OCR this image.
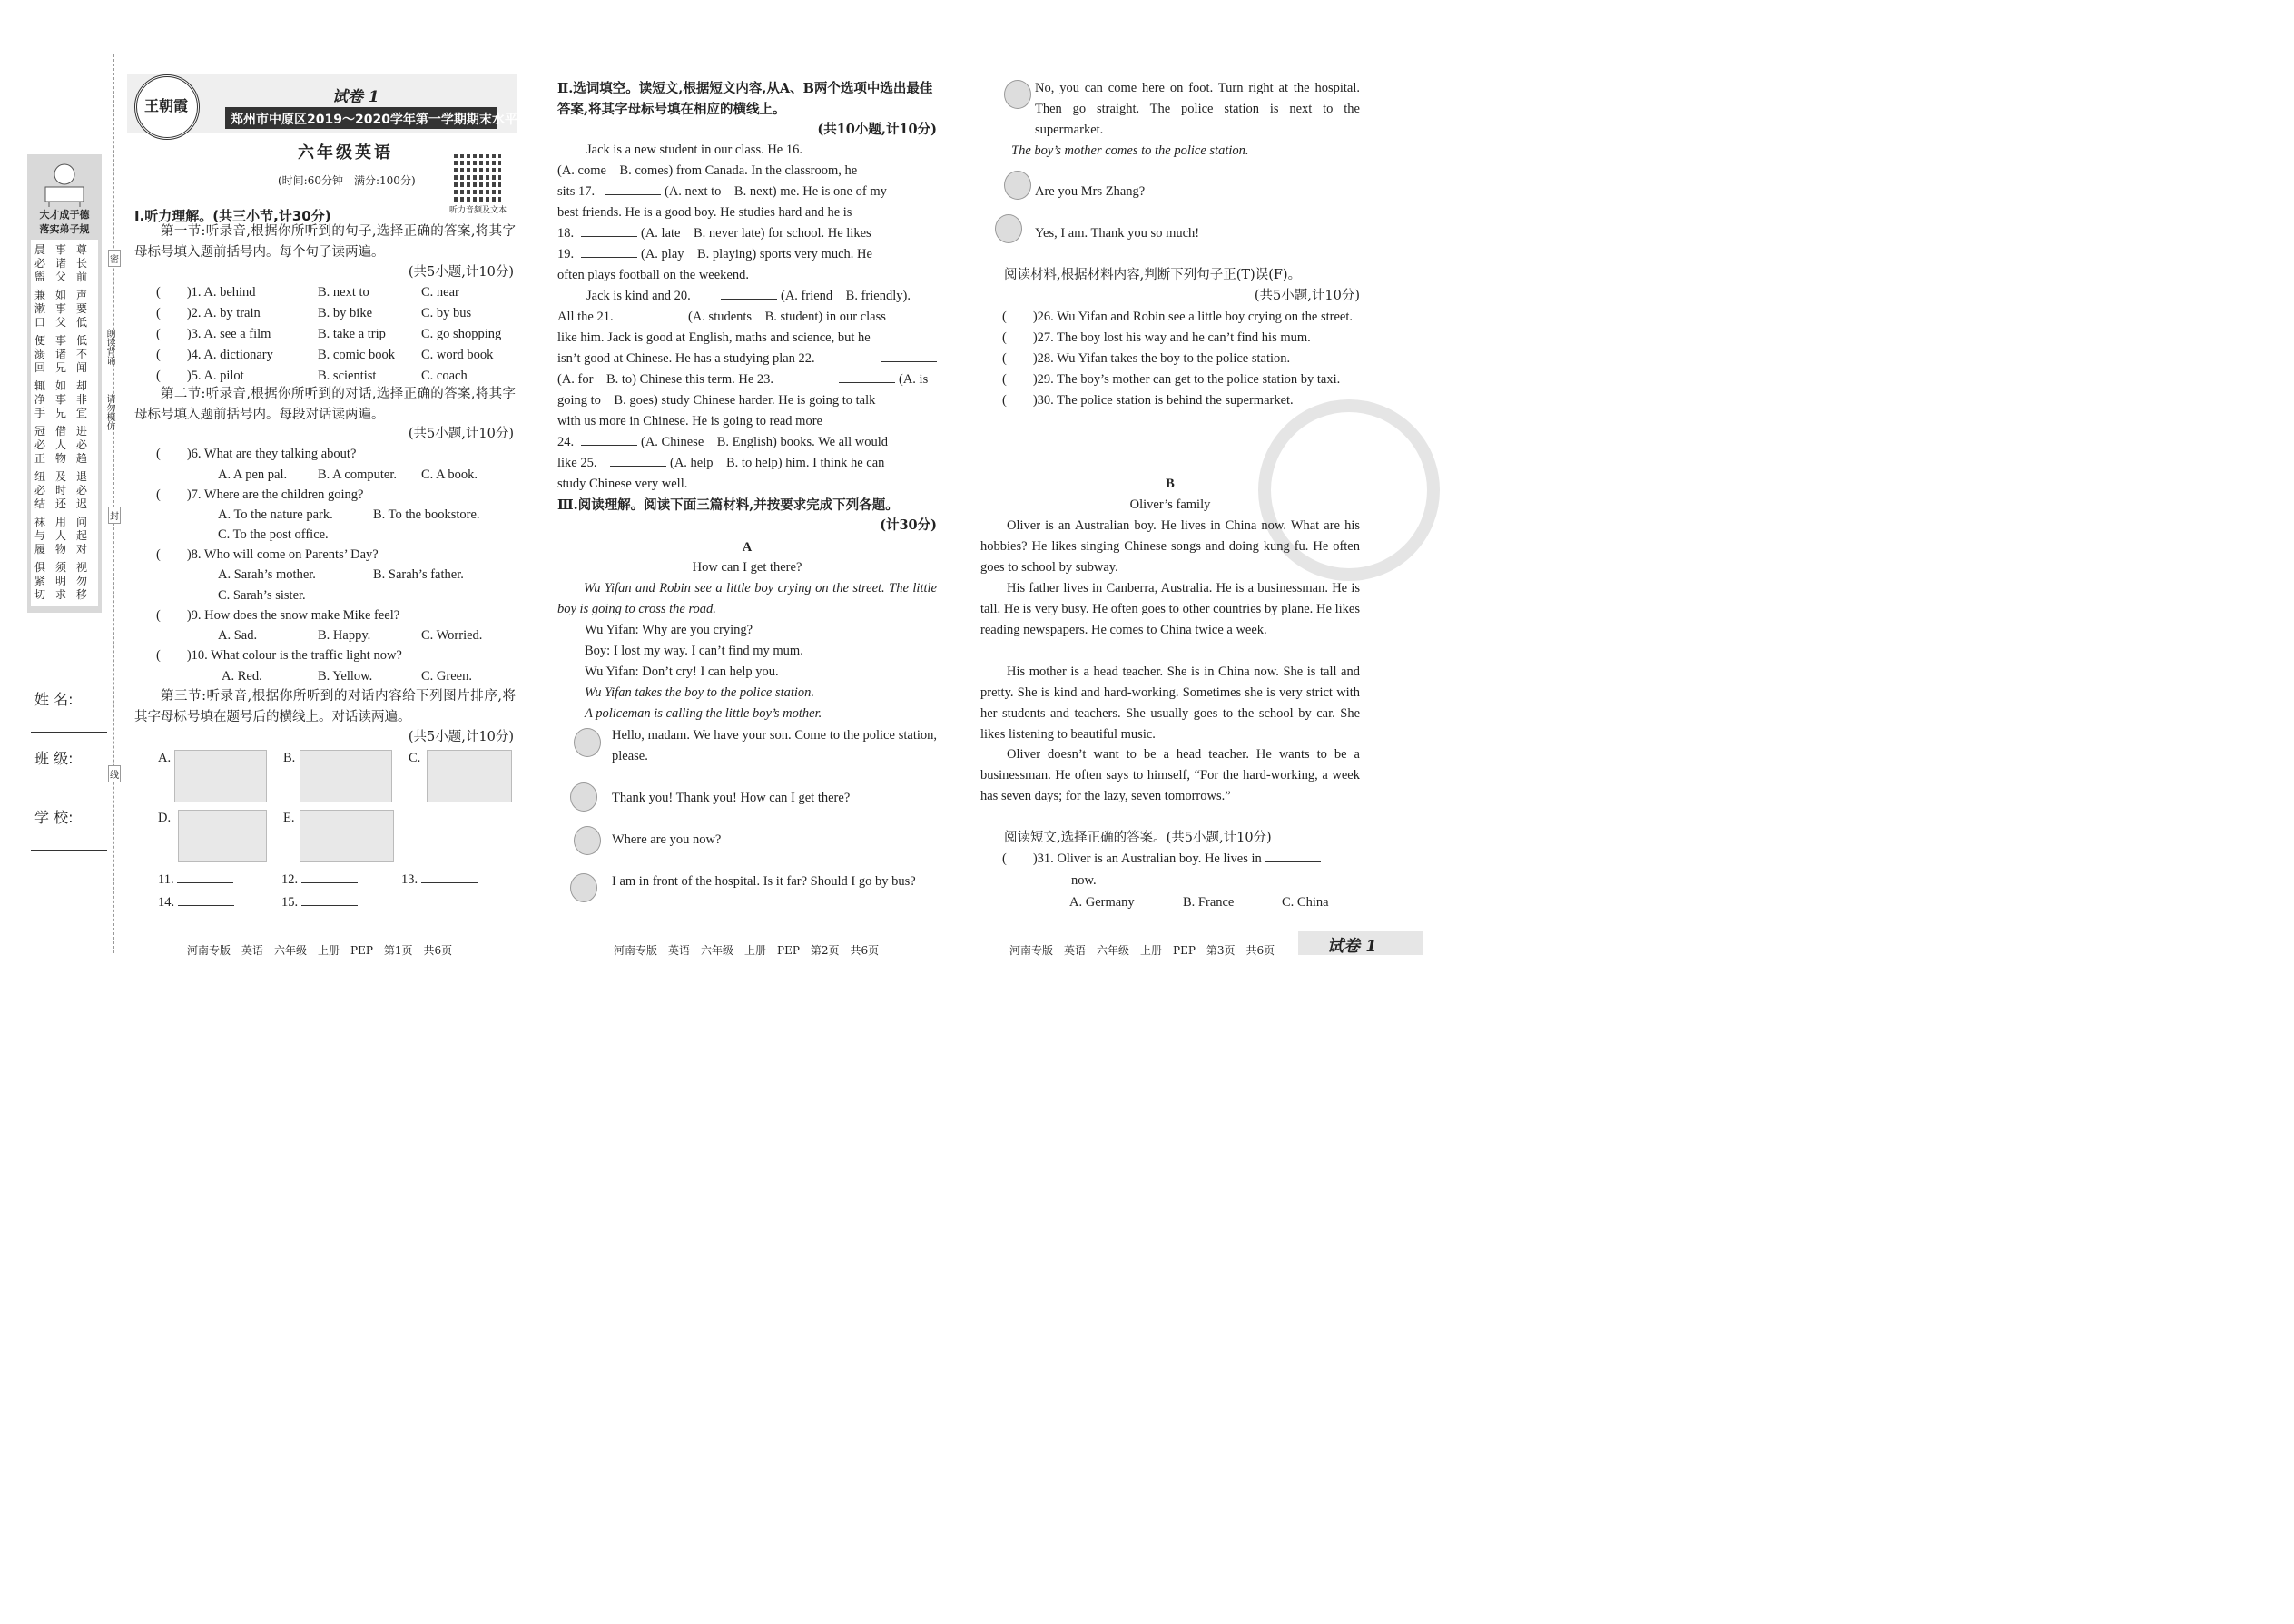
大才成于德
落实弟子规
晨必盥
事诸父
尊长前
兼漱口
如事父
声要低
便溺回
事诸兄
低不闻
辄净手
如事兄
却非宜
冠必正
借人物
进必趋
纽必结
及时还
退必迟
袜与履
用人物
问起对
俱紧切
须明求
视勿移
密
封
线
朗读背诵
请勿模仿
姓 名:
班 级:
学 校:
王朝霞	试卷 1
郑州市中原区2019～2020学年第一学期期末水平测试
六年级英语
(时间:60分钟　满分:100分)
听力音频及文本
Ⅰ.听力理解。(共三小节,计30分)
第一节:听录音,根据你所听到的句子,选择正确的答案,将其字母标号填入题前括号内。每个句子读两遍。
(共5小题,计10分)
(　　)1. A. behind	B. next to	C. near
(　　)2. A. by train	B. by bike	C. by bus
(　　)3. A. see a film	B. take a trip	C. go shopping
(　　)4. A. dictionary	B. comic book C. word book
(　　)5. A. pilot	B. scientist	C. coach
第二节:听录音,根据你所听到的对话,选择正确的答案,将其字母标号填入题前括号内。每段对话读两遍。
(共5小题,计10分)
(　　)6. What are they talking about?
A. A pen pal. B. A computer. C. A book.
(　　)7. Where are the children going?
A. To the nature park.	B. To the bookstore.
C. To the post office.
(　　)8. Who will come on Parents’ Day?
A. Sarah’s mother.	B. Sarah’s father.
C. Sarah’s sister.
(　　)9. How does the snow make Mike feel?
A. Sad.	B. Happy.	C. Worried.
(　　)10. What colour is the traffic light now?
A. Red.	B. Yellow.	C. Green.
第三节:听录音,根据你所听到的对话内容给下列图片排序,将其字母标号填在题号后的横线上。对话读两遍。
(共5小题,计10分)
A.	B.	C.
D.	E.
11.	12.	13.
14.	15.
Ⅱ.选词填空。读短文,根据短文内容,从A、B两个选项中选出最佳答案,将其字母标号填在相应的横线上。
(共10小题,计10分)
Jack is a new student in our class. He 16.
(A. come　B. comes) from Canada. In the classroom, he
sits 17.	(A. next to　B. next) me. He is one of my
best friends. He is a good boy. He studies hard and he is
18.	(A. late　B. never late) for school. He likes
19.	(A. play　B. playing) sports very much. He
often plays football on the weekend.
Jack is kind and 20.	(A. friend　B. friendly).
All the 21.	(A. students　B. student) in our class
like him. Jack is good at English, maths and science, but he
isn’t good at Chinese. He has a studying plan 22.
(A. for　B. to) Chinese this term. He 23.	(A. is
going to　B. goes) study Chinese harder. He is going to talk
with us more in Chinese. He is going to read more
24.	(A. Chinese　B. English) books. We all would
like 25.	(A. help　B. to help) him. I think he can
study Chinese very well.
Ⅲ.阅读理解。阅读下面三篇材料,并按要求完成下列各题。
(计30分)
A
How can I get there?
Wu Yifan and Robin see a little boy crying on the street. The little boy is going to cross the road.
Wu Yifan: Why are you crying?
Boy: I lost my way. I can’t find my mum.
Wu Yifan: Don’t cry! I can help you.
Wu Yifan takes the boy to the police station.
A policeman is calling the little boy’s mother.
Hello, madam. We have your son. Come to the police station, please.
Thank you! Thank you! How can I get there?
Where are you now?
I am in front of the hospital. Is it far? Should I go by bus?
No, you can come here on foot. Turn right at the hospital. Then go straight. The police station is next to the supermarket.
The boy’s mother comes to the police station.
Are you Mrs Zhang?
Yes, I am. Thank you so much!
阅读材料,根据材料内容,判断下列句子正(T)误(F)。
(共5小题,计10分)
(　　)26. Wu Yifan and Robin see a little boy crying on the street.
(　　)27. The boy lost his way and he can’t find his mum.
(　　)28. Wu Yifan takes the boy to the police station.
(　　)29. The boy’s mother can get to the police station by taxi.
(　　)30. The police station is behind the supermarket.
B
Oliver’s family
Oliver is an Australian boy. He lives in China now. What are his hobbies? He likes singing Chinese songs and doing kung fu. He often goes to school by subway.
His father lives in Canberra, Australia. He is a businessman. He is tall. He is very busy. He often goes to other countries by plane. He likes reading newspapers. He comes to China twice a week.
His mother is a head teacher. She is in China now. She is tall and pretty. She is kind and hard-working. Sometimes she is very strict with her students and teachers. She usually goes to the school by car. She likes listening to beautiful music.
Oliver doesn’t want to be a head teacher. He wants to be a businessman. He often says to himself, “For the hard-working, a week has seven days; for the lazy, seven tomorrows.”
阅读短文,选择正确的答案。(共5小题,计10分)
(　　)31. Oliver is an Australian boy. He lives in
now.
A. Germany	B. France	C. China
河南专版　英语　六年级　上册　PEP　第1页　共6页	河南专版　英语　六年级　上册　PEP　第2页　共6页	河南专版　英语　六年级　上册　PEP　第3页　共6页	试卷 1
